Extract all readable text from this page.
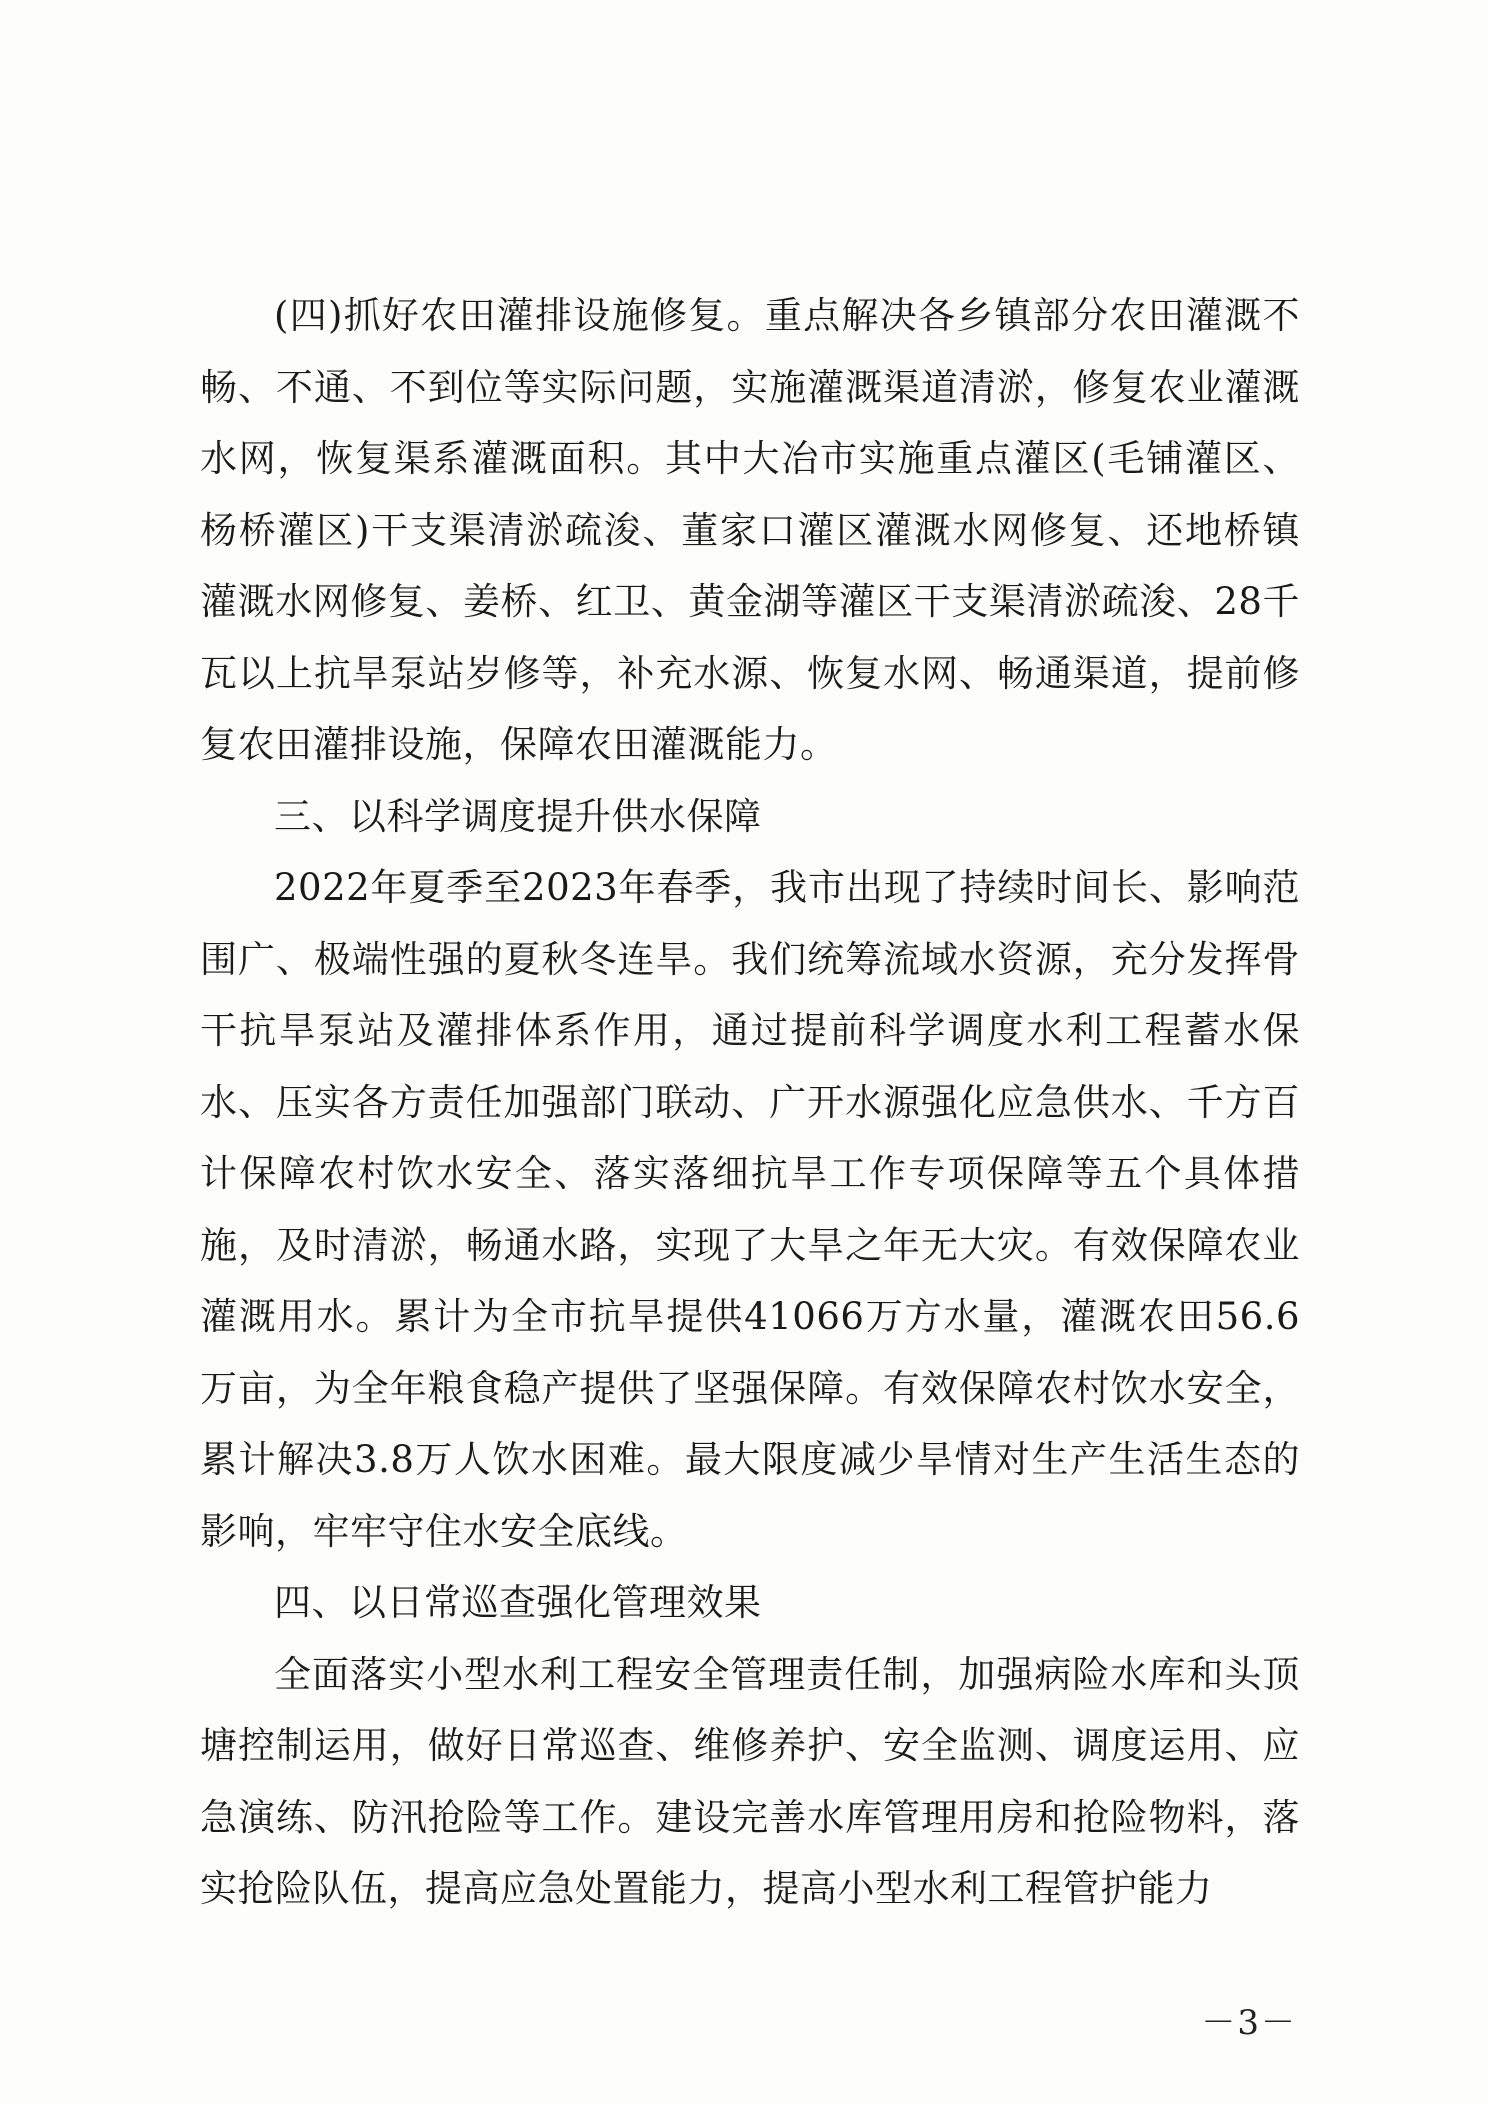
(四)抓好农田灌排设施修复。重点解决各乡镇部分农田灌溉不畅、不通、不到位等实际问题，实施灌溉渠道清淤，修复农业灌溉水网，恢复渠系灌溉面积。其中大冶市实施重点灌区(毛铺灌区、杨桥灌区)干支渠清淤疏浚、董家口灌区灌溉水网修复、还地桥镇灌溉水网修复、姜桥、红卫、黄金湖等灌区干支渠清淤疏浚、28千瓦以上抗旱泵站岁修等，补充水源、恢复水网、畅通渠道，提前修复农田灌排设施，保障农田灌溉能力。

三、以科学调度提升供水保障

2022年夏季至2023年春季，我市出现了持续时间长、影响范围广、极端性强的夏秋冬连旱。我们统筹流域水资源，充分发挥骨干抗旱泵站及灌排体系作用，通过提前科学调度水利工程蓄水保水、压实各方责任加强部门联动、广开水源强化应急供水、千方百计保障农村饮水安全、落实落细抗旱工作专项保障等五个具体措施，及时清淤，畅通水路，实现了大旱之年无大灾。有效保障农业灌溉用水。累计为全市抗旱提供41066万方水量，灌溉农田56.6万亩，为全年粮食稳产提供了坚强保障。有效保障农村饮水安全，累计解决3.8万人饮水困难。最大限度减少旱情对生产生活生态的影响，牢牢守住水安全底线。

四、以日常巡查强化管理效果

全面落实小型水利工程安全管理责任制，加强病险水库和头顶塘控制运用，做好日常巡查、维修养护、安全监测、调度运用、应急演练、防汛抢险等工作。建设完善水库管理用房和抢险物料，落实抢险队伍，提高应急处置能力，提高小型水利工程管护能力

－3－
